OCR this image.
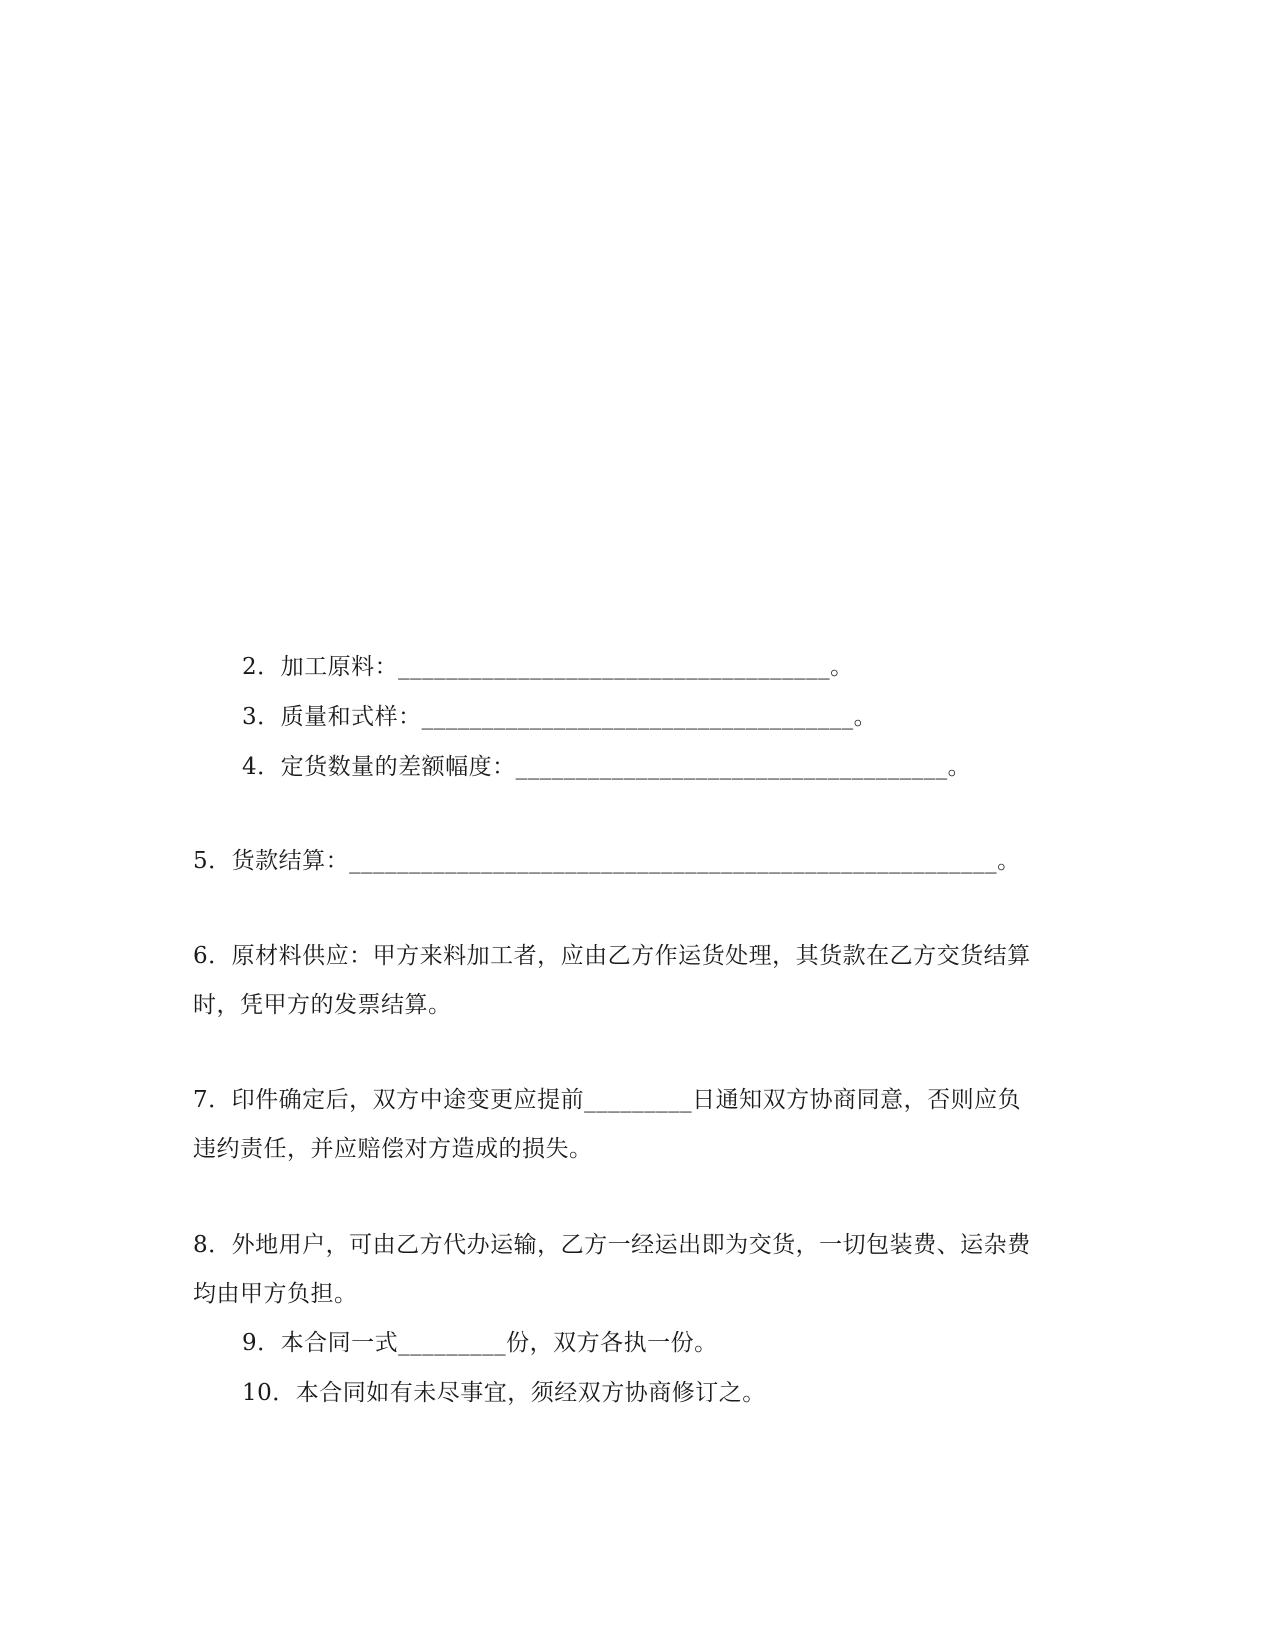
2．加工原料：____________________________________。
3．质量和式样：____________________________________。
4．定货数量的差额幅度：____________________________________。
5．货款结算：______________________________________________________。
6．原材料供应：甲方来料加工者，应由乙方作运货处理，其货款在乙方交货结算
时，凭甲方的发票结算。
7．印件确定后，双方中途变更应提前_________日通知双方协商同意，否则应负
违约责任，并应赔偿对方造成的损失。
8．外地用户，可由乙方代办运输，乙方一经运出即为交货，一切包装费、运杂费
均由甲方负担。
9．本合同一式_________份，双方各执一份。
10．本合同如有未尽事宜，须经双方协商修订之。
